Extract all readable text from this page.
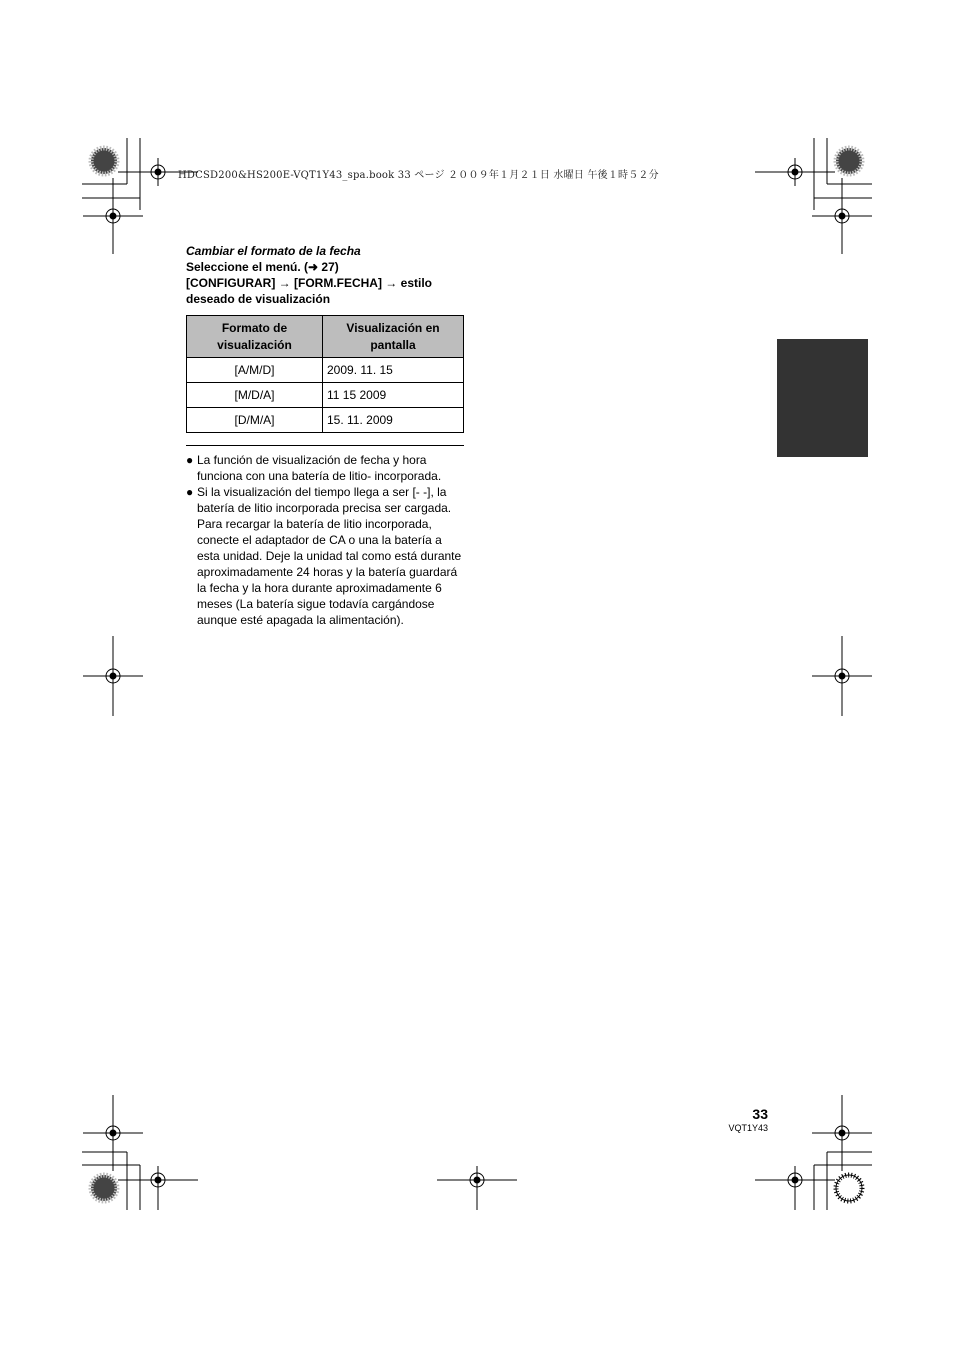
HDCSD200&HS200E-VQT1Y43_spa.book 33 ページ ２００９年１月２１日 水曜日 午後１時５２分
Cambiar el formato de la fecha
Seleccione el menú. (➜ 27)
[CONFIGURAR] → [FORM.FECHA] → estilo
deseado de visualización
Formato de visualización	Visualización en pantalla
[A/M/D]	2009. 11. 15
[M/D/A]	11 15 2009
[D/M/A]	15. 11. 2009
● La función de visualización de fecha y hora funciona con una batería de litio- incorporada.
● Si la visualización del tiempo llega a ser [- -], la batería de litio incorporada precisa ser cargada. Para recargar la batería de litio incorporada, conecte el adaptador de CA o una la batería a esta unidad. Deje la unidad tal como está durante aproximadamente 24 horas y la batería guardará la fecha y la hora durante aproximadamente 6 meses (La batería sigue todavía cargándose aunque esté apagada la alimentación).
33
VQT1Y43
